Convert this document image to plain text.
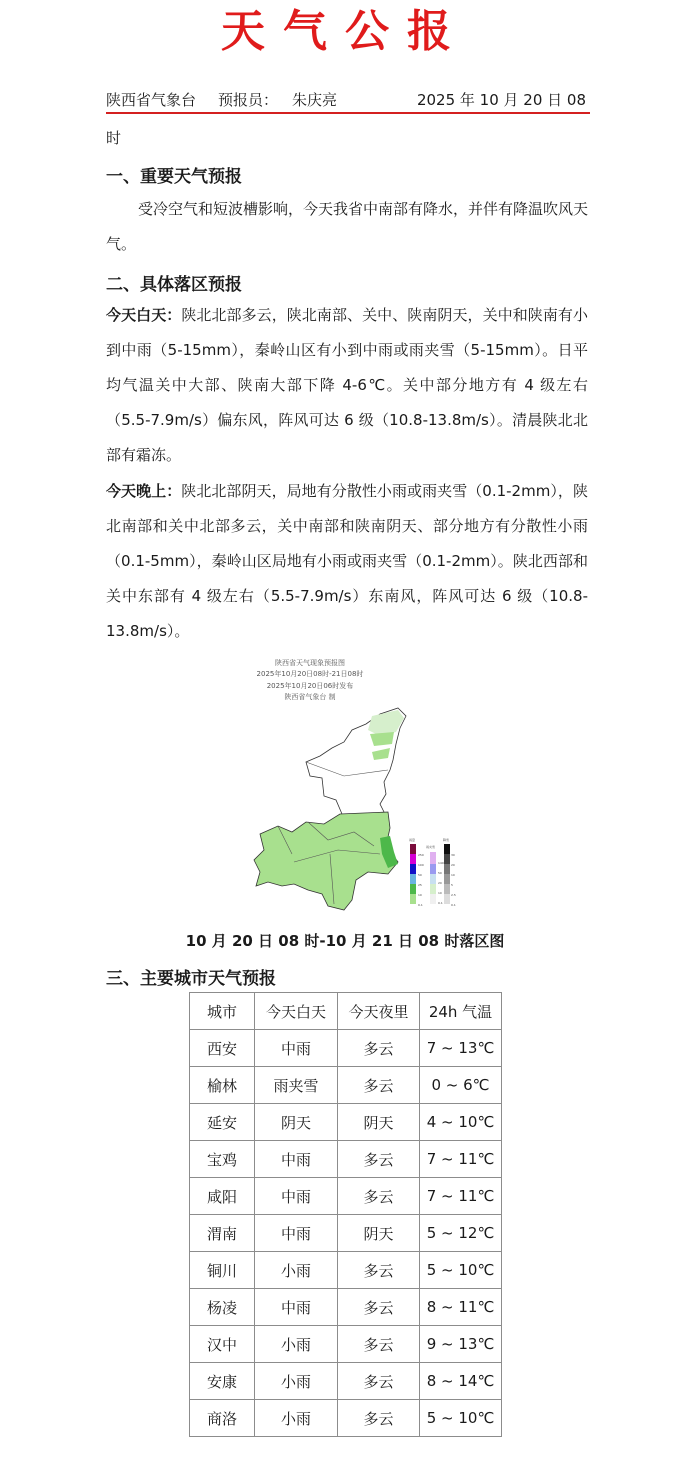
天气公报
陕西省气象台 预报员： 朱庆亮	2025 年 10 月 20 日 08
时
一、重要天气预报
受冷空气和短波槽影响，今天我省中南部有降水，并伴有降温吹风天气。
二、具体落区预报
今天白天：陕北北部多云，陕北南部、关中、陕南阴天，关中和陕南有小到中雨（5-15mm），秦岭山区有小到中雨或雨夹雪（5-15mm）。日平均气温关中大部、陕南大部下降 4-6℃。关中部分地方有 4 级左右（5.5-7.9m/s）偏东风，阵风可达 6 级（10.8-13.8m/s）。清晨陕北北部有霜冻。
今天晚上：陕北北部阴天，局地有分散性小雨或雨夹雪（0.1-2mm），陕北南部和关中北部多云，关中南部和陕南阴天、部分地方有分散性小雨（0.1-5mm），秦岭山区局地有小雨或雨夹雪（0.1-2mm）。陕北西部和关中东部有 4 级左右（5.5-7.9m/s）东南风，阵风可达 6 级（10.8-13.8m/s）。
陕西省天气现象预报图
2025年10月20日08时-21日08时
2025年10月20日06时发布
陕西省气象台 制
雨量
250
100
50
25
10
0.1
雨夹雪
140
50
20
10
0.1
降雪
30
20
10
5
2.5
0.1
10 月 20 日 08 时-10 月 21 日 08 时落区图
三、主要城市天气预报
城市	今天白天	今天夜里	24h 气温
西安	中雨	多云	7 ~ 13℃
榆林	雨夹雪	多云	0 ~ 6℃
延安	阴天	阴天	4 ~ 10℃
宝鸡	中雨	多云	7 ~ 11℃
咸阳	中雨	多云	7 ~ 11℃
渭南	中雨	阴天	5 ~ 12℃
铜川	小雨	多云	5 ~ 10℃
杨凌	中雨	多云	8 ~ 11℃
汉中	小雨	多云	9 ~ 13℃
安康	小雨	多云	8 ~ 14℃
商洛	小雨	多云	5 ~ 10℃
